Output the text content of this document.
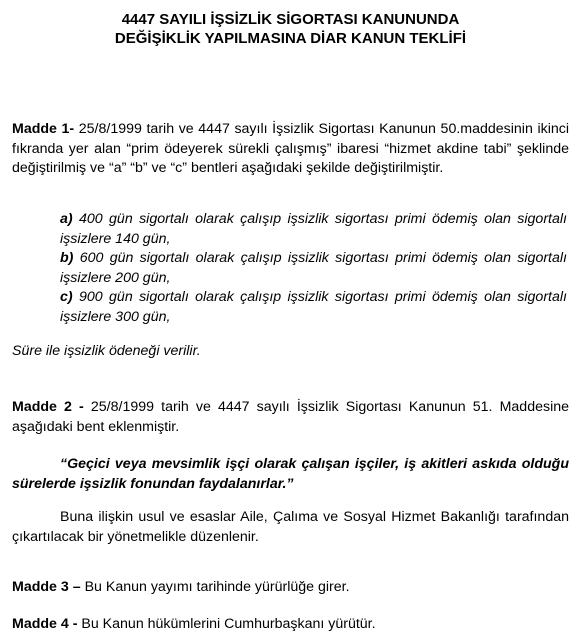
4447 SAYILI İŞSİZLİK SİGORTASI KANUNUNDA
DEĞİŞİKLİK YAPILMASINA DİAR KANUN TEKLİFİ
Madde 1- 25/8/1999 tarih ve 4447 sayılı İşsizlik Sigortası Kanunun 50.maddesinin ikinci fıkranda yer alan “prim ödeyerek sürekli çalışmış” ibaresi “hizmet akdine tabi” şeklinde değiştirilmiş ve “a” “b” ve “c” bentleri aşağıdaki şekilde değiştirilmiştir.
a) 400 gün sigortalı olarak çalışıp işsizlik sigortası primi ödemiş olan sigortalı işsizlere 140 gün,
b) 600 gün sigortalı olarak çalışıp işsizlik sigortası primi ödemiş olan sigortalı işsizlere 200 gün,
c) 900 gün sigortalı olarak çalışıp işsizlik sigortası primi ödemiş olan sigortalı işsizlere 300 gün,
Süre ile işsizlik ödeneği verilir.
Madde 2 - 25/8/1999 tarih ve 4447 sayılı İşsizlik Sigortası Kanunun 51. Maddesine aşağıdaki bent eklenmiştir.
“Geçici veya mevsimlik işçi olarak çalışan işçiler, iş akitleri askıda olduğu sürelerde işsizlik fonundan faydalanırlar.”
Buna ilişkin usul ve esaslar Aile, Çalıma ve Sosyal Hizmet Bakanlığı tarafından çıkartılacak bir yönetmelikle düzenlenir.
Madde 3 – Bu Kanun yayımı tarihinde yürürlüğe girer.
Madde 4 - Bu Kanun hükümlerini Cumhurbaşkanı yürütür.
